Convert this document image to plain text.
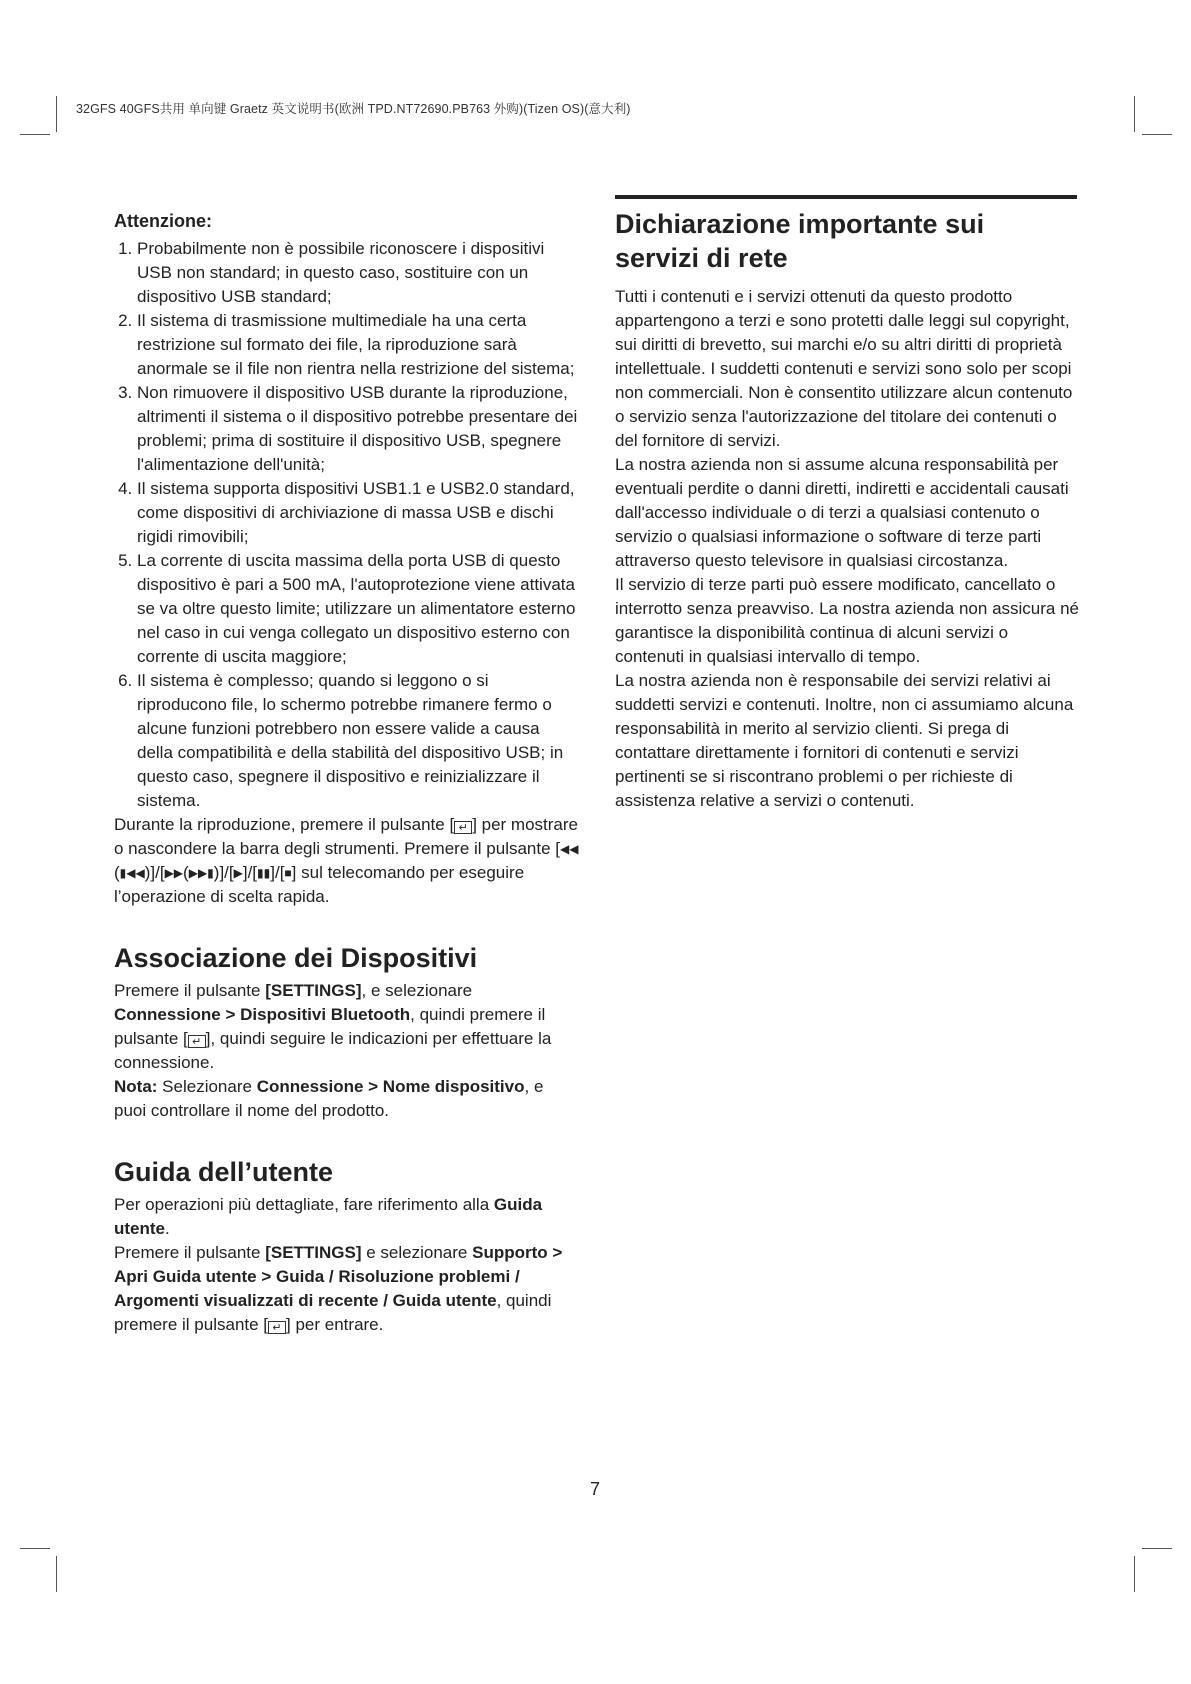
32GFS 40GFS共用 单向键 Graetz 英文说明书(欧洲 TPD.NT72690.PB763 外购)(Tizen OS)(意大利)
Attenzione:
1. Probabilmente non è possibile riconoscere i dispositivi USB non standard; in questo caso, sostituire con un dispositivo USB standard;
2. Il sistema di trasmissione multimediale ha una certa restrizione sul formato dei file, la riproduzione sarà anormale se il file non rientra nella restrizione del sistema;
3. Non rimuovere il dispositivo USB durante la riproduzione, altrimenti il sistema o il dispositivo potrebbe presentare dei problemi; prima di sostituire il dispositivo USB, spegnere l'alimentazione dell'unità;
4. Il sistema supporta dispositivi USB1.1 e USB2.0 standard, come dispositivi di archiviazione di massa USB e dischi rigidi rimovibili;
5. La corrente di uscita massima della porta USB di questo dispositivo è pari a 500 mA, l'autoprotezione viene attivata se va oltre questo limite; utilizzare un alimentatore esterno nel caso in cui venga collegato un dispositivo esterno con corrente di uscita maggiore;
6. Il sistema è complesso; quando si leggono o si riproducono file, lo schermo potrebbe rimanere fermo o alcune funzioni potrebbero non essere valide a causa della compatibilità e della stabilità del dispositivo USB; in questo caso, spegnere il dispositivo e reinizializzare il sistema.

Durante la riproduzione, premere il pulsante [ ↵ ] per mostrare o nascondere la barra degli strumenti. Premere il pulsante [◀◀(▮◀◀)]/[▶▶(▶▶▮)]/[▶]/[▮▮]/[■] sul telecomando per eseguire l’operazione di scelta rapida.

Associazione dei Dispositivi

Premere il pulsante [SETTINGS], e selezionare Connessione > Dispositivi Bluetooth, quindi premere il pulsante [ ↵ ], quindi seguire le indicazioni per effettuare la connessione.

Nota: Selezionare Connessione > Nome dispositivo, e puoi controllare il nome del prodotto.

Guida dell’utente

Per operazioni più dettagliate, fare riferimento alla Guida utente.

Premere il pulsante [SETTINGS] e selezionare Supporto > Apri Guida utente > Guida / Risoluzione problemi / Argomenti visualizzati di recente / Guida utente, quindi premere il pulsante [ ↵ ] per entrare.

Dichiarazione importante sui servizi di rete

Tutti i contenuti e i servizi ottenuti da questo prodotto appartengono a terzi e sono protetti dalle leggi sul copyright, sui diritti di brevetto, sui marchi e/o su altri diritti di proprietà intellettuale. I suddetti contenuti e servizi sono solo per scopi non commerciali. Non è consentito utilizzare alcun contenuto o servizio senza l'autorizzazione del titolare dei contenuti o del fornitore di servizi.

La nostra azienda non si assume alcuna responsabilità per eventuali perdite o danni diretti, indiretti e accidentali causati dall'accesso individuale o di terzi a qualsiasi contenuto o servizio o qualsiasi informazione o software di terze parti attraverso questo televisore in qualsiasi circostanza.

Il servizio di terze parti può essere modificato, cancellato o interrotto senza preavviso. La nostra azienda non assicura né garantisce la disponibilità continua di alcuni servizi o contenuti in qualsiasi intervallo di tempo.

La nostra azienda non è responsabile dei servizi relativi ai suddetti servizi e contenuti. Inoltre, non ci assumiamo alcuna responsabilità in merito al servizio clienti. Si prega di contattare direttamente i fornitori di contenuti e servizi pertinenti se si riscontrano problemi o per richieste di assistenza relative a servizi o contenuti.

7
